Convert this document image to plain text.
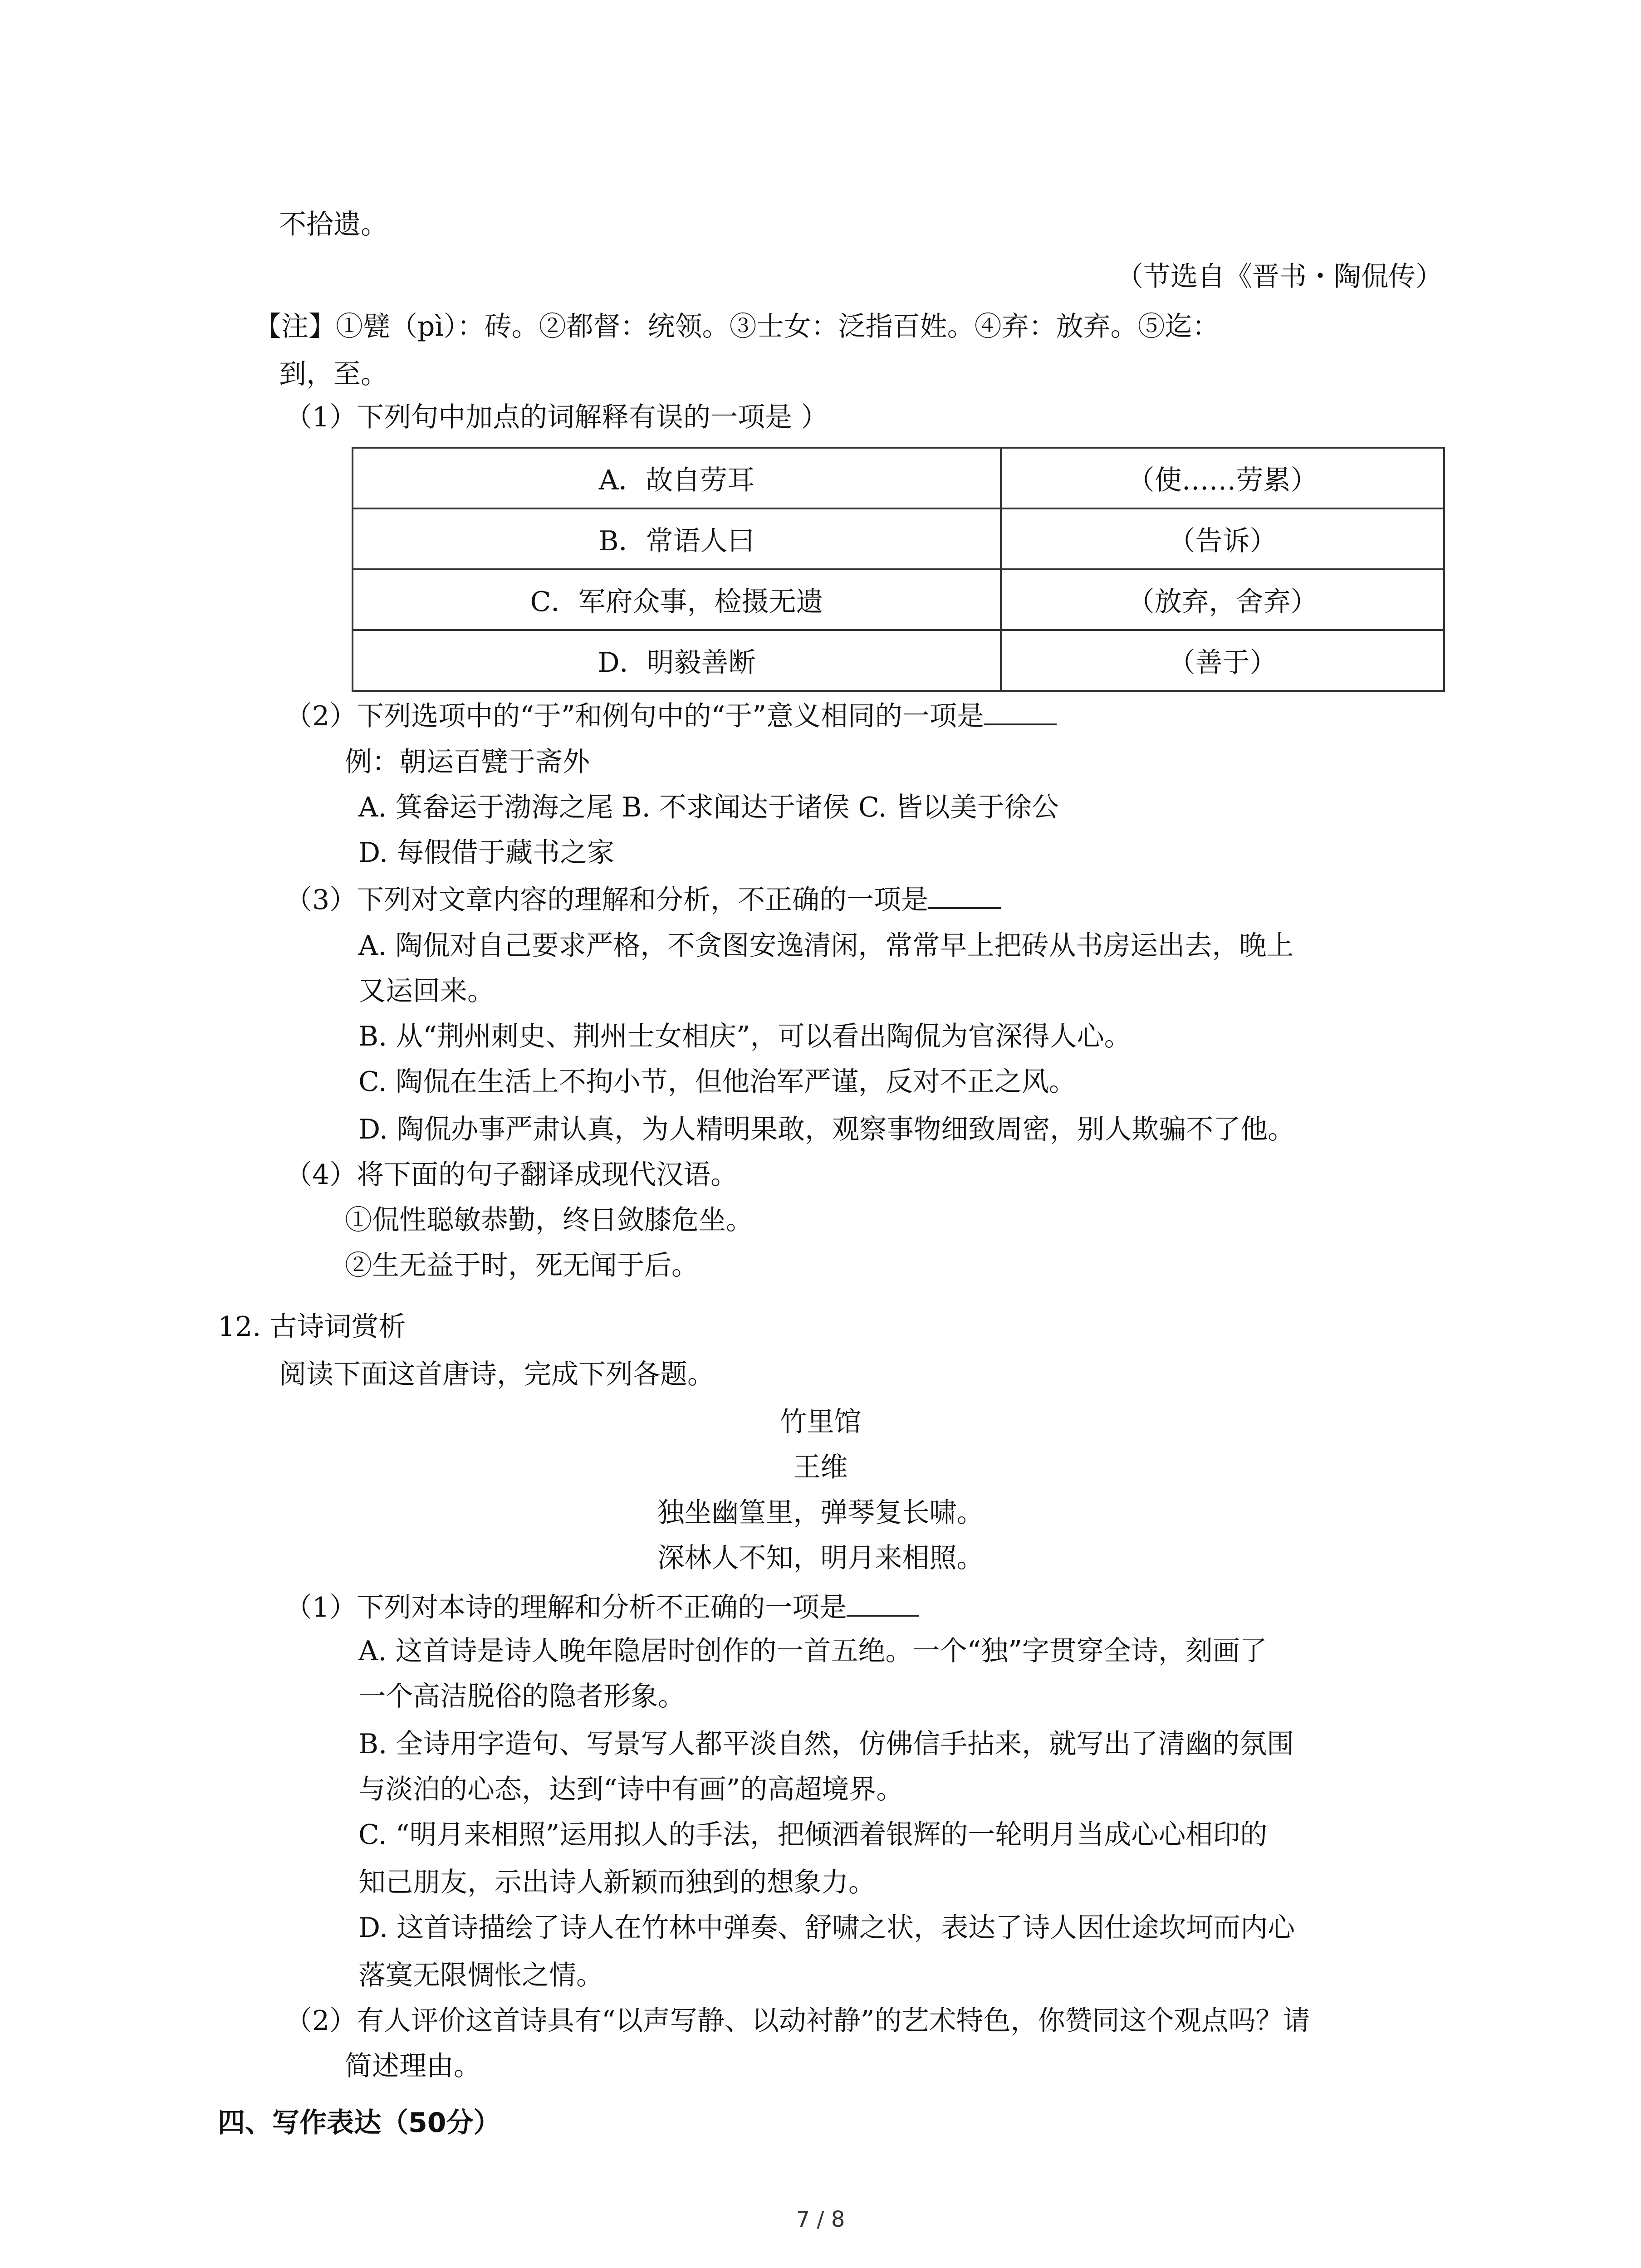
不拾遗。
（节选自《晋书・陶侃传）
【注】①甓（pì）：砖。②都督：统领。③士女：泛指百姓。④弃：放弃。⑤迄：
到，至。
（1）下列句中加点的词解释有误的一项是 ）
A．故自劳耳	（使……劳累）
B．常语人曰	（告诉）
C．军府众事，检摄无遗	（放弃，舍弃）
D．明毅善断	（善于）
（2）下列选项中的“于”和例句中的“于”意义相同的一项是
例：朝运百甓于斋外
A. 箕畚运于渤海之尾 B. 不求闻达于诸侯 C. 皆以美于徐公
D. 每假借于藏书之家
（3）下列对文章内容的理解和分析，不正确的一项是
A. 陶侃对自己要求严格，不贪图安逸清闲，常常早上把砖从书房运出去，晚上
又运回来。
B. 从“荆州刺史、荆州士女相庆”，可以看出陶侃为官深得人心。
C. 陶侃在生活上不拘小节，但他治军严谨，反对不正之风。
D. 陶侃办事严肃认真，为人精明果敢，观察事物细致周密，别人欺骗不了他。
（4）将下面的句子翻译成现代汉语。
①侃性聪敏恭勤，终日敛膝危坐。
②生无益于时，死无闻于后。
12. 古诗词赏析
阅读下面这首唐诗，完成下列各题。
竹里馆
王维
独坐幽篁里，弹琴复长啸。
深林人不知，明月来相照。
（1）下列对本诗的理解和分析不正确的一项是
A. 这首诗是诗人晚年隐居时创作的一首五绝。一个“独”字贯穿全诗，刻画了
一个高洁脱俗的隐者形象。
B. 全诗用字造句、写景写人都平淡自然，仿佛信手拈来，就写出了清幽的氛围
与淡泊的心态，达到“诗中有画”的高超境界。
C. “明月来相照”运用拟人的手法，把倾洒着银辉的一轮明月当成心心相印的
知己朋友，示出诗人新颖而独到的想象力。
D. 这首诗描绘了诗人在竹林中弹奏、舒啸之状，表达了诗人因仕途坎坷而内心
落寞无限惆怅之情。
（2）有人评价这首诗具有“以声写静、以动衬静”的艺术特色，你赞同这个观点吗？请
简述理由。
四、写作表达（50分）
7 / 8
